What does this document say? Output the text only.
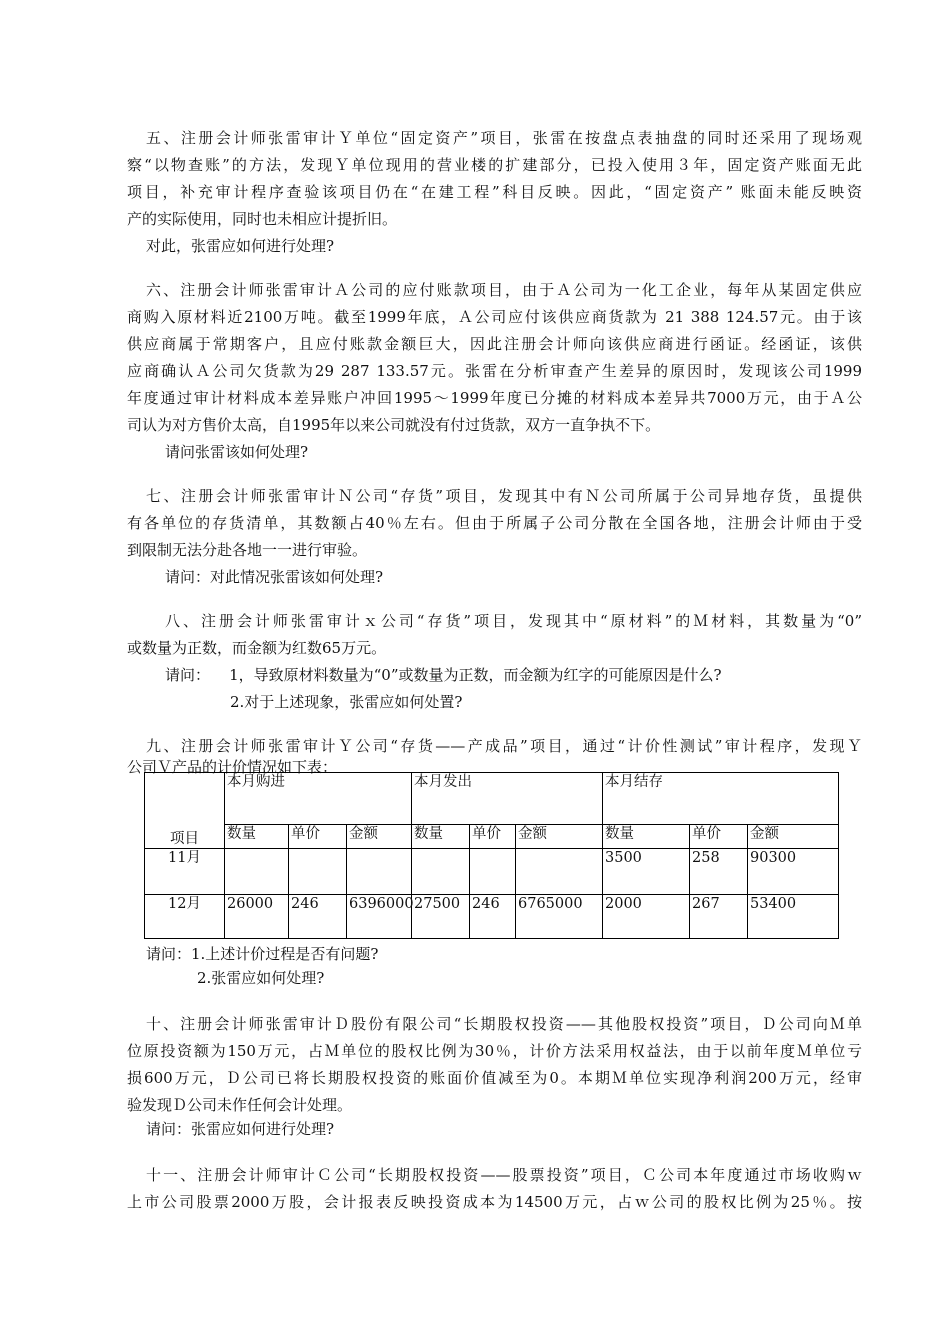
五、注册会计师张雷审计Ｙ单位“固定资产”项目，张雷在按盘点表抽盘的同时还采用了现场观
察“以物查账”的方法，发现Ｙ单位现用的营业楼的扩建部分，已投入使用３年，固定资产账面无此
项目，补充审计程序查验该项目仍在“在建工程”科目反映。因此，“固定资产” 账面未能反映资
产的实际使用，同时也未相应计提折旧。
对此，张雷应如何进行处理?
六、注册会计师张雷审计Ａ公司的应付账款项目，由于Ａ公司为一化工企业，每年从某固定供应
商购入原材料近2100万吨。截至1999年底，Ａ公司应付该供应商货款为 21 388 124.57元。由于该
供应商属于常期客户，且应付账款金额巨大，因此注册会计师向该供应商进行函证。经函证，该供
应商确认Ａ公司欠货款为29 287 133.57元。张雷在分析审查产生差异的原因时，发现该公司1999
年度通过审计材料成本差异账户冲回1995～1999年度已分摊的材料成本差异共7000万元，由于Ａ公
司认为对方售价太高，自1995年以来公司就没有付过货款，双方一直争执不下。
请问张雷该如何处理?
七、注册会计师张雷审计Ｎ公司“存货”项目，发现其中有Ｎ公司所属于公司异地存货，虽提供
有各单位的存货清单，其数额占40％左右。但由于所属子公司分散在全国各地，注册会计师由于受
到限制无法分赴各地一一进行审验。
请问：对此情况张雷该如何处理?
八、注册会计师张雷审计ｘ公司“存货”项目，发现其中“原材料”的Ｍ材料，其数量为“0”
或数量为正数，而金额为红数65万元。
请问：    1，导致原材料数量为“0”或数量为正数，而金额为红字的可能原因是什么?
2.对于上述现象，张雷应如何处置?
九、注册会计师张雷审计Ｙ公司“存货——产成品”项目，通过“计价性测试”审计程序，发现Ｙ
公司Ｖ产品的计价情况如下表：
项目	本月购进			本月发出			本月结存		
	数量	单价	金额	数量	单价	金额	数量	单价	金额
11月							3500	258	90300
12月	26000	246	6396000	27500	246	6765000	2000	267	53400
请问：1.上述计价过程是否有问题?
2.张雷应如何处理?
十、注册会计师张雷审计Ｄ股份有限公司“长期股权投资——其他股权投资”项目，Ｄ公司向Ｍ单
位原投资额为150万元，占Ｍ单位的股权比例为30％，计价方法采用权益法，由于以前年度Ｍ单位亏
损600万元，Ｄ公司已将长期股权投资的账面价值减至为0。本期Ｍ单位实现净利润200万元，经审
验发现Ｄ公司未作任何会计处理。
请问：张雷应如何进行处理?
十一、注册会计师审计Ｃ公司“长期股权投资——股票投资”项目，Ｃ公司本年度通过市场收购ｗ
上市公司股票2000万股，会计报表反映投资成本为14500万元，占ｗ公司的股权比例为25％。按
